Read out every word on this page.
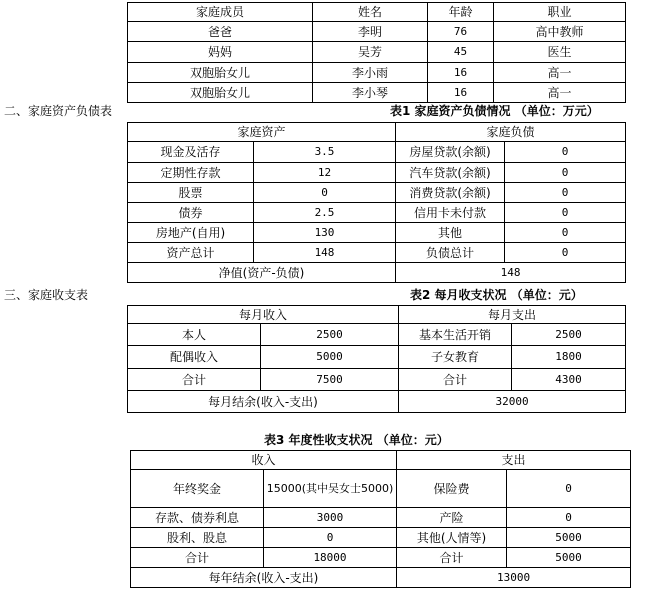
家庭成员	姓名	年龄	职业
爸爸	李明	76	高中教师
妈妈	吴芳	45	医生
双胞胎女儿	李小雨	16	高一
双胞胎女儿	李小琴	16	高一
二、家庭资产负债表	表1 家庭资产负债情况 （单位：万元）
家庭资产		家庭负债	
现金及活存	3.5	房屋贷款(余额)	0
定期性存款	12	汽车贷款(余额)	0
股票	0	消费贷款(余额)	0
债券	2.5	信用卡未付款	0
房地产(自用)	130	其他	0
资产总计	148	负债总计	0
净值(资产-负债)		148	
三、家庭收支表	表2 每月收支状况 （单位：元）
每月收入		每月支出	
本人	2500	基本生活开销	2500
配偶收入	5000	子女教育	1800
合计	7500	合计	4300
每月结余(收入-支出)		32000	
表3 年度性收支状况 （单位：元）
收入		支出	
年终奖金	15000(其中吴女士5000)	保险费	0
存款、债券利息	3000	产险	0
股利、股息	0	其他(人情等)	5000
合计	18000	合计	5000
每年结余(收入-支出)		13000	
